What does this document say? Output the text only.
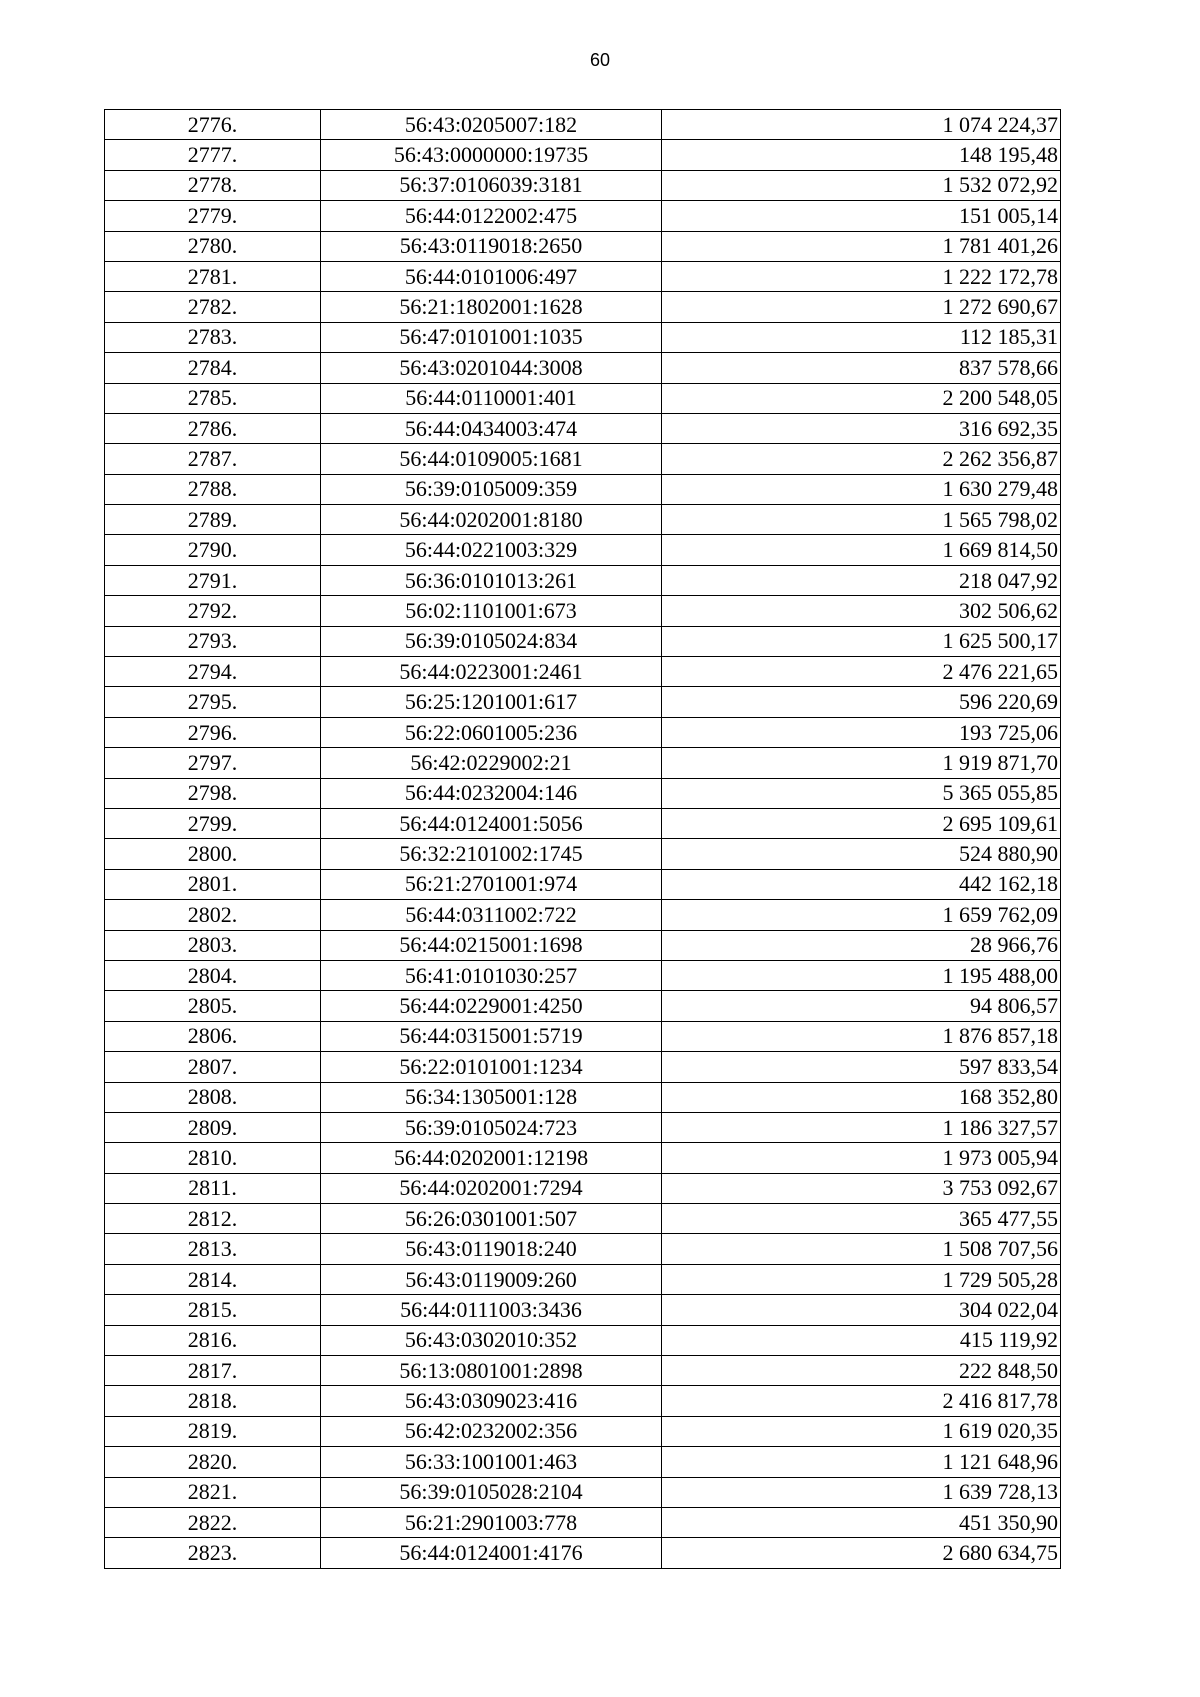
60
2776.	56:43:0205007:182	1 074 224,37
2777.	56:43:0000000:19735	148 195,48
2778.	56:37:0106039:3181	1 532 072,92
2779.	56:44:0122002:475	151 005,14
2780.	56:43:0119018:2650	1 781 401,26
2781.	56:44:0101006:497	1 222 172,78
2782.	56:21:1802001:1628	1 272 690,67
2783.	56:47:0101001:1035	112 185,31
2784.	56:43:0201044:3008	837 578,66
2785.	56:44:0110001:401	2 200 548,05
2786.	56:44:0434003:474	316 692,35
2787.	56:44:0109005:1681	2 262 356,87
2788.	56:39:0105009:359	1 630 279,48
2789.	56:44:0202001:8180	1 565 798,02
2790.	56:44:0221003:329	1 669 814,50
2791.	56:36:0101013:261	218 047,92
2792.	56:02:1101001:673	302 506,62
2793.	56:39:0105024:834	1 625 500,17
2794.	56:44:0223001:2461	2 476 221,65
2795.	56:25:1201001:617	596 220,69
2796.	56:22:0601005:236	193 725,06
2797.	56:42:0229002:21	1 919 871,70
2798.	56:44:0232004:146	5 365 055,85
2799.	56:44:0124001:5056	2 695 109,61
2800.	56:32:2101002:1745	524 880,90
2801.	56:21:2701001:974	442 162,18
2802.	56:44:0311002:722	1 659 762,09
2803.	56:44:0215001:1698	28 966,76
2804.	56:41:0101030:257	1 195 488,00
2805.	56:44:0229001:4250	94 806,57
2806.	56:44:0315001:5719	1 876 857,18
2807.	56:22:0101001:1234	597 833,54
2808.	56:34:1305001:128	168 352,80
2809.	56:39:0105024:723	1 186 327,57
2810.	56:44:0202001:12198	1 973 005,94
2811.	56:44:0202001:7294	3 753 092,67
2812.	56:26:0301001:507	365 477,55
2813.	56:43:0119018:240	1 508 707,56
2814.	56:43:0119009:260	1 729 505,28
2815.	56:44:0111003:3436	304 022,04
2816.	56:43:0302010:352	415 119,92
2817.	56:13:0801001:2898	222 848,50
2818.	56:43:0309023:416	2 416 817,78
2819.	56:42:0232002:356	1 619 020,35
2820.	56:33:1001001:463	1 121 648,96
2821.	56:39:0105028:2104	1 639 728,13
2822.	56:21:2901003:778	451 350,90
2823.	56:44:0124001:4176	2 680 634,75
